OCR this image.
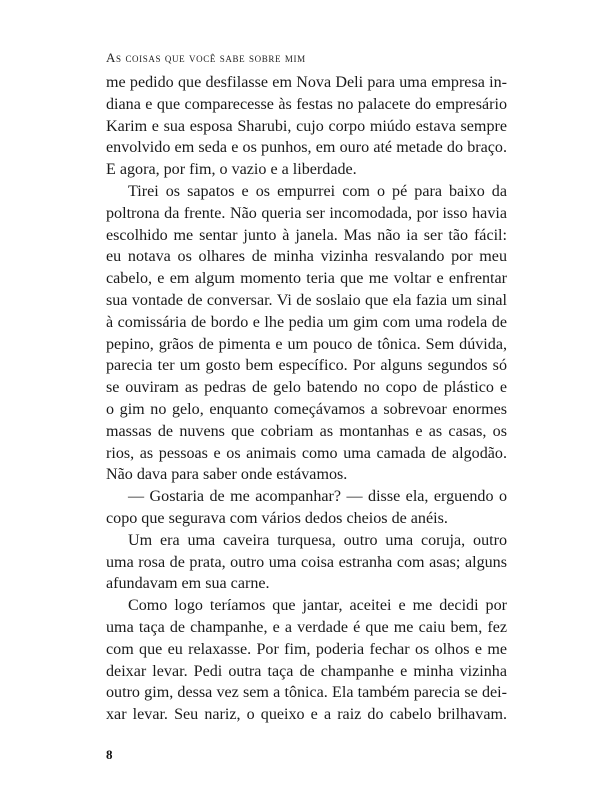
As coisas que você sabe sobre mim
me pedido que desfilasse em Nova Deli para uma empresa in-
diana e que comparecesse às festas no palacete do empresário
Karim e sua esposa Sharubi, cujo corpo miúdo estava sempre
envolvido em seda e os punhos, em ouro até metade do braço.
E agora, por fim, o vazio e a liberdade.
Tirei os sapatos e os empurrei com o pé para baixo da
poltrona da frente. Não queria ser incomodada, por isso havia
escolhido me sentar junto à janela. Mas não ia ser tão fácil:
eu notava os olhares de minha vizinha resvalando por meu
cabelo, e em algum momento teria que me voltar e enfrentar
sua vontade de conversar. Vi de soslaio que ela fazia um sinal
à comissária de bordo e lhe pedia um gim com uma rodela de
pepino, grãos de pimenta e um pouco de tônica. Sem dúvida,
parecia ter um gosto bem específico. Por alguns segundos só
se ouviram as pedras de gelo batendo no copo de plástico e
o gim no gelo, enquanto começávamos a sobrevoar enormes
massas de nuvens que cobriam as montanhas e as casas, os
rios, as pessoas e os animais como uma camada de algodão.
Não dava para saber onde estávamos.
— Gostaria de me acompanhar? — disse ela, erguendo o
copo que segurava com vários dedos cheios de anéis.
Um era uma caveira turquesa, outro uma coruja, outro
uma rosa de prata, outro uma coisa estranha com asas; alguns
afundavam em sua carne.
Como logo teríamos que jantar, aceitei e me decidi por
uma taça de champanhe, e a verdade é que me caiu bem, fez
com que eu relaxasse. Por fim, poderia fechar os olhos e me
deixar levar. Pedi outra taça de champanhe e minha vizinha
outro gim, dessa vez sem a tônica. Ela também parecia se dei-
xar levar. Seu nariz, o queixo e a raiz do cabelo brilhavam.
8
